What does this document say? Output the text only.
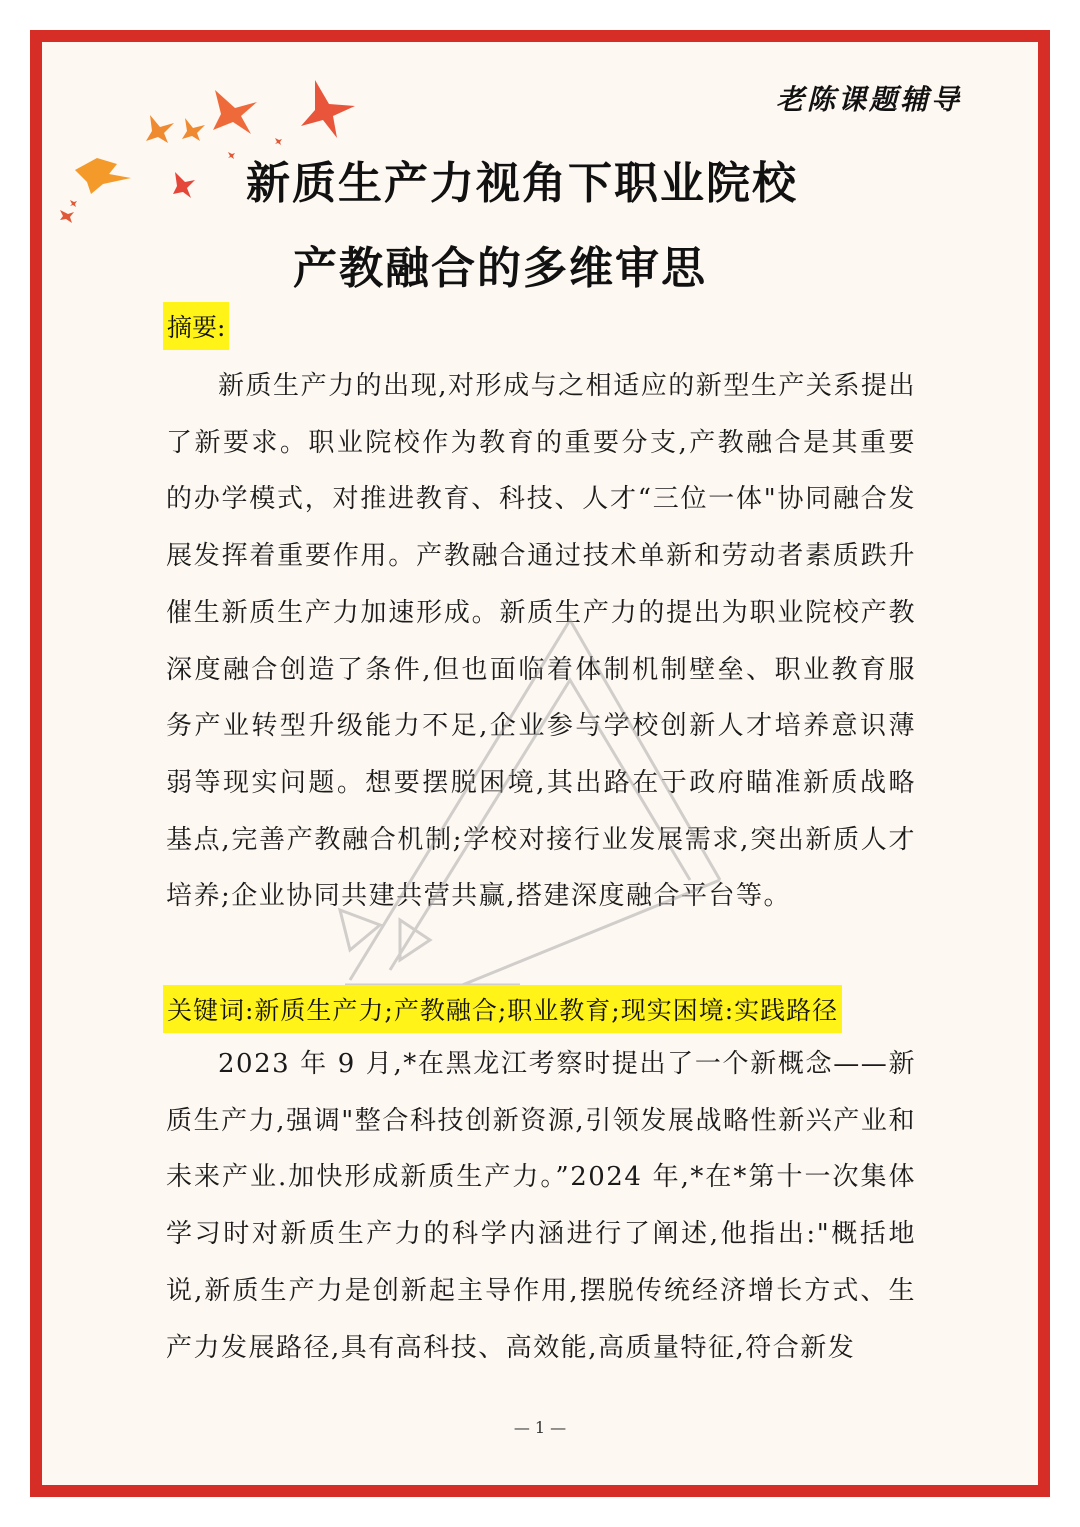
老陈课题辅导
新质生产力视角下职业院校
产教融合的多维审思
摘要:
新质生产力的出现,对形成与之相适应的新型生产关系提出了新要求。职业院校作为教育的重要分支,产教融合是其重要的办学模式，对推进教育、科技、人才“三位一体"协同融合发展发挥着重要作用。产教融合通过技术单新和劳动者素质跌升催生新质生产力加速形成。新质生产力的提出为职业院校产教深度融合创造了条件,但也面临着体制机制壁垒、职业教育服务产业转型升级能力不足,企业参与学校创新人才培养意识薄弱等现实问题。想要摆脱困境,其出路在于政府瞄准新质战略基点,完善产教融合机制;学校对接行业发展需求,突出新质人才培养;企业协同共建共营共赢,搭建深度融合平台等。
关键词:新质生产力;产教融合;职业教育;现实困境:实践路径
2023 年 9 月,*在黑龙江考察时提出了一个新概念——新质生产力,强调"整合科技创新资源,引领发展战略性新兴产业和未来产业.加快形成新质生产力。”2024 年,*在*第十一次集体学习时对新质生产力的科学内涵进行了阐述,他指出:"概括地说,新质生产力是创新起主导作用,摆脱传统经济增长方式、生产力发展路径,具有高科技、高效能,高质量特征,符合新发
— 1 —
